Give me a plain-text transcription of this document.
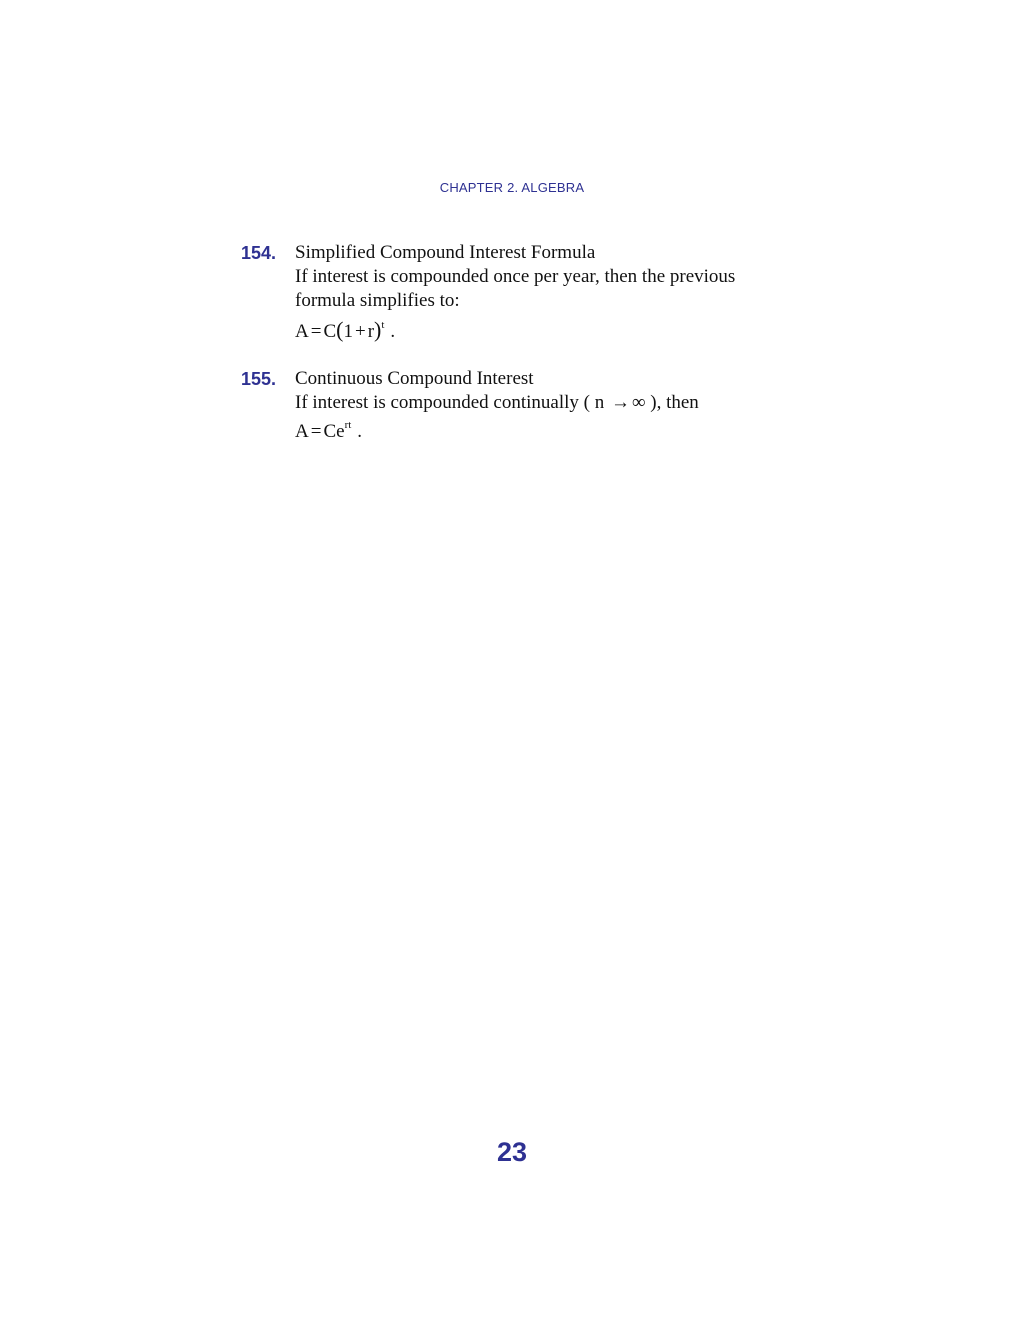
CHAPTER 2. ALGEBRA
154. Simplified Compound Interest Formula
If interest is compounded once per year, then the previous
formula simplifies to:
$A = C(1 + r)^t$ .
155. Continuous Compound Interest
If interest is compounded continually ( n → ∞ ), then
$A = Ce^{rt}$ .
23
